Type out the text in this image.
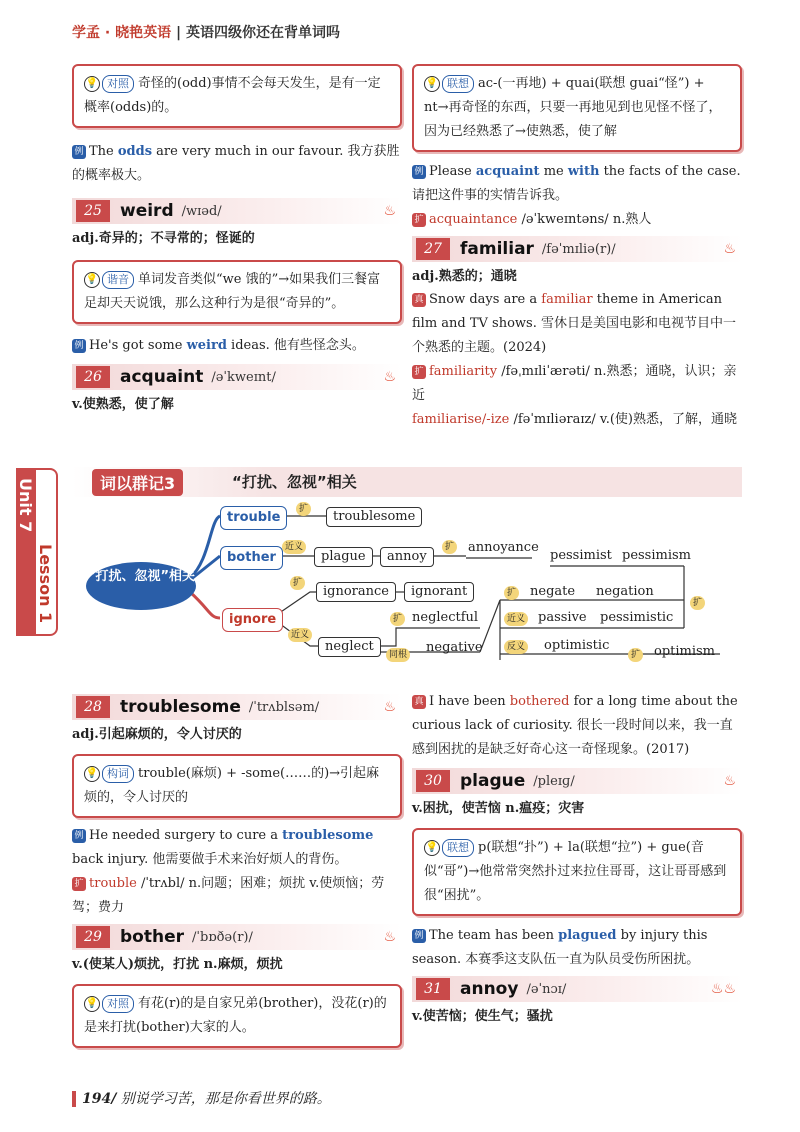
学孟 · 晓艳英语 | 英语四级你还在背单词吗
💡 对照 奇怪的(odd)事情不会每天发生，是有一定概率(odds)的。
例 The odds are very much in our favour. 我方获胜的概率极大。
25	weird /wɪəd/	♨
adj.奇异的；不寻常的；怪诞的
💡 谐音 单词发音类似“we 饿的”→如果我们三餐富足却天天说饿，那么这种行为是很“奇异的”。
例 He's got some weird ideas. 他有些怪念头。
26	acquaint /əˈkweɪnt/	♨
v.使熟悉，使了解
💡 联想 ac-(一再地) + quai(联想 guai“怪”) + nt→再奇怪的东西，只要一再地见到也见怪不怪了，因为已经熟悉了→使熟悉，使了解
例 Please acquaint me with the facts of the case. 请把这件事的实情告诉我。
扩 acquaintance /əˈkweɪntəns/ n.熟人
27	familiar /fəˈmɪliə(r)/	♨
adj.熟悉的；通晓
真 Snow days are a familiar theme in American film and TV shows. 雪休日是美国电影和电视节目中一个熟悉的主题。(2024)
扩 familiarity /fəˌmɪliˈærəti/ n.熟悉；通晓，认识；亲近
familiarise/-ize /fəˈmɪliəraɪz/ v.(使)熟悉，了解，通晓
Unit 7
Lesson 1
词以群记3	“打扰、忽视”相关
“打扰、忽视”相关
trouble
扩	troublesome
bother
近义
plague	annoy
扩 annoyance
pessimist pessimism
扩
ignorance	ignorant
ignore
近义
neglect
扩 neglectful
同根 negative
扩 negate negation
近义 passive pessimistic
扩
反义 optimistic
扩 optimism
28	troublesome /ˈtrʌblsəm/	♨
adj.引起麻烦的，令人讨厌的
💡 构词 trouble(麻烦) + -some(……的)→引起麻烦的，令人讨厌的
例 He needed surgery to cure a troublesome back injury. 他需要做手术来治好烦人的背伤。
扩 trouble /ˈtrʌbl/ n.问题；困难；烦扰 v.使烦恼；劳驾；费力
29	bother /ˈbɒðə(r)/	♨
v.(使某人)烦扰，打扰 n.麻烦，烦扰
💡 对照 有花(r)的是自家兄弟(brother)，没花(r)的是来打扰(bother)大家的人。
真 I have been bothered for a long time about the curious lack of curiosity. 很长一段时间以来，我一直感到困扰的是缺乏好奇心这一奇怪现象。(2017)
30	plague /pleɪɡ/	♨
v.困扰，使苦恼 n.瘟疫；灾害
💡 联想 p(联想“扑”) + la(联想“拉”) + gue(音似“哥”)→他常常突然扑过来拉住哥哥，这让哥哥感到很“困扰”。
例 The team has been plagued by injury this season. 本赛季这支队伍一直为队员受伤所困扰。
31	annoy /əˈnɔɪ/	♨♨
v.使苦恼；使生气；骚扰
194/ 别说学习苦，那是你看世界的路。
